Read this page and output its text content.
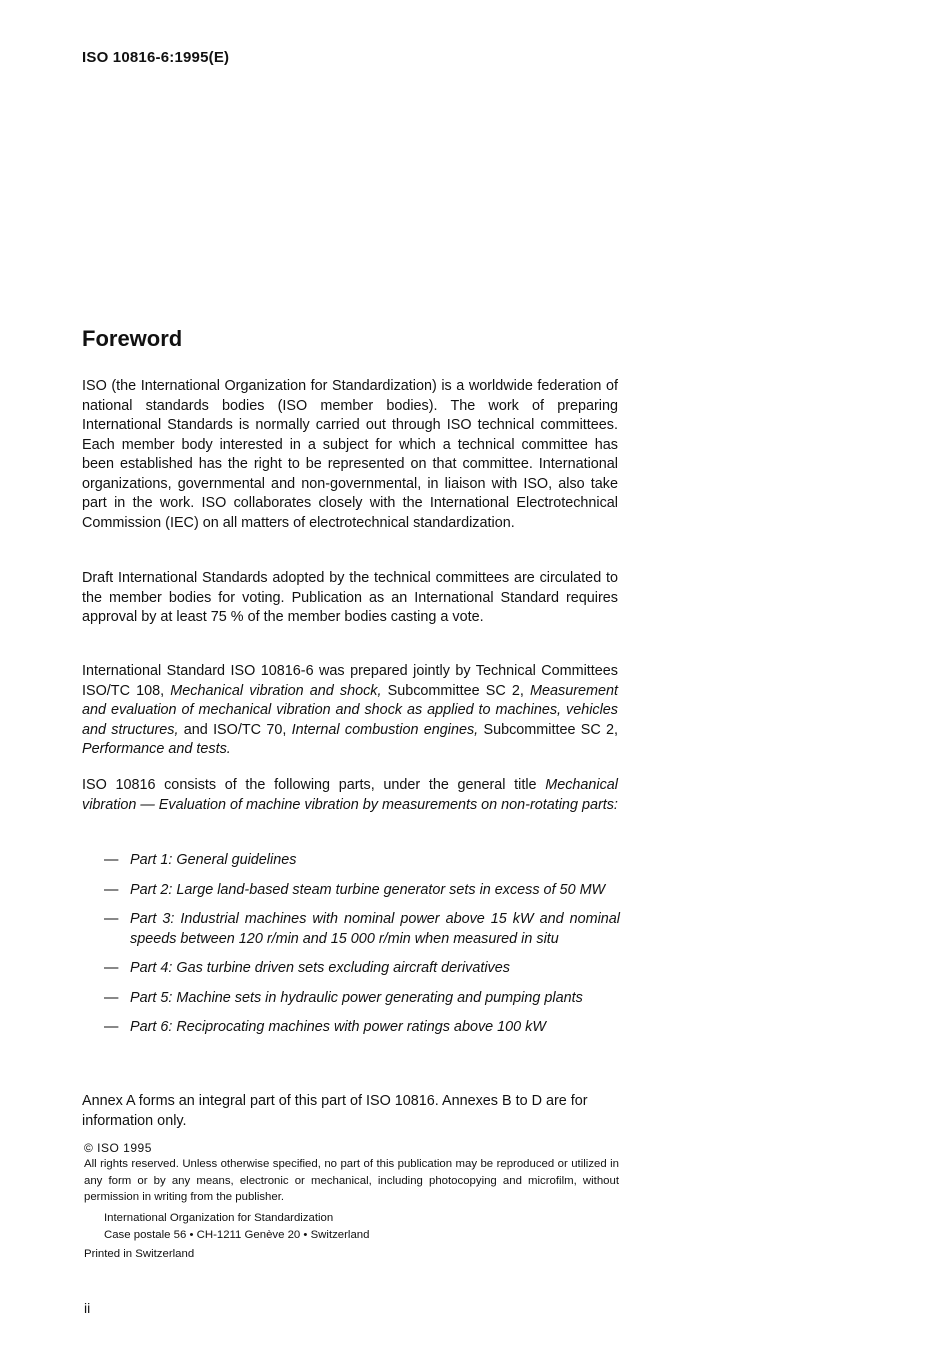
ISO 10816-6:1995(E)
Foreword

ISO (the International Organization for Standardization) is a worldwide federation of national standards bodies (ISO member bodies). The work of preparing International Standards is normally carried out through ISO technical committees. Each member body interested in a subject for which a technical committee has been established has the right to be represented on that committee. International organizations, governmental and non-governmental, in liaison with ISO, also take part in the work. ISO collaborates closely with the International Electrotechnical Commission (IEC) on all matters of electrotechnical standardization.

Draft International Standards adopted by the technical committees are circulated to the member bodies for voting. Publication as an International Standard requires approval by at least 75 % of the member bodies casting a vote.

International Standard ISO 10816-6 was prepared jointly by Technical Committees ISO/TC 108, Mechanical vibration and shock, Subcommittee SC 2, Measurement and evaluation of mechanical vibration and shock as applied to machines, vehicles and structures, and ISO/TC 70, Internal combustion engines, Subcommittee SC 2, Performance and tests.

ISO 10816 consists of the following parts, under the general title Mechanical vibration — Evaluation of machine vibration by measurements on non-rotating parts:

— Part 1: General guidelines
— Part 2: Large land-based steam turbine generator sets in excess of 50 MW
— Part 3: Industrial machines with nominal power above 15 kW and nominal speeds between 120 r/min and 15 000 r/min when measured in situ
— Part 4: Gas turbine driven sets excluding aircraft derivatives
— Part 5: Machine sets in hydraulic power generating and pumping plants
— Part 6: Reciprocating machines with power ratings above 100 kW

Annex A forms an integral part of this part of ISO 10816. Annexes B to D are for information only.

© ISO 1995
All rights reserved. Unless otherwise specified, no part of this publication may be reproduced or utilized in any form or by any means, electronic or mechanical, including photocopying and microfilm, without permission in writing from the publisher.
International Organization for Standardization
Case postale 56 • CH-1211 Genève 20 • Switzerland
Printed in Switzerland
ii
